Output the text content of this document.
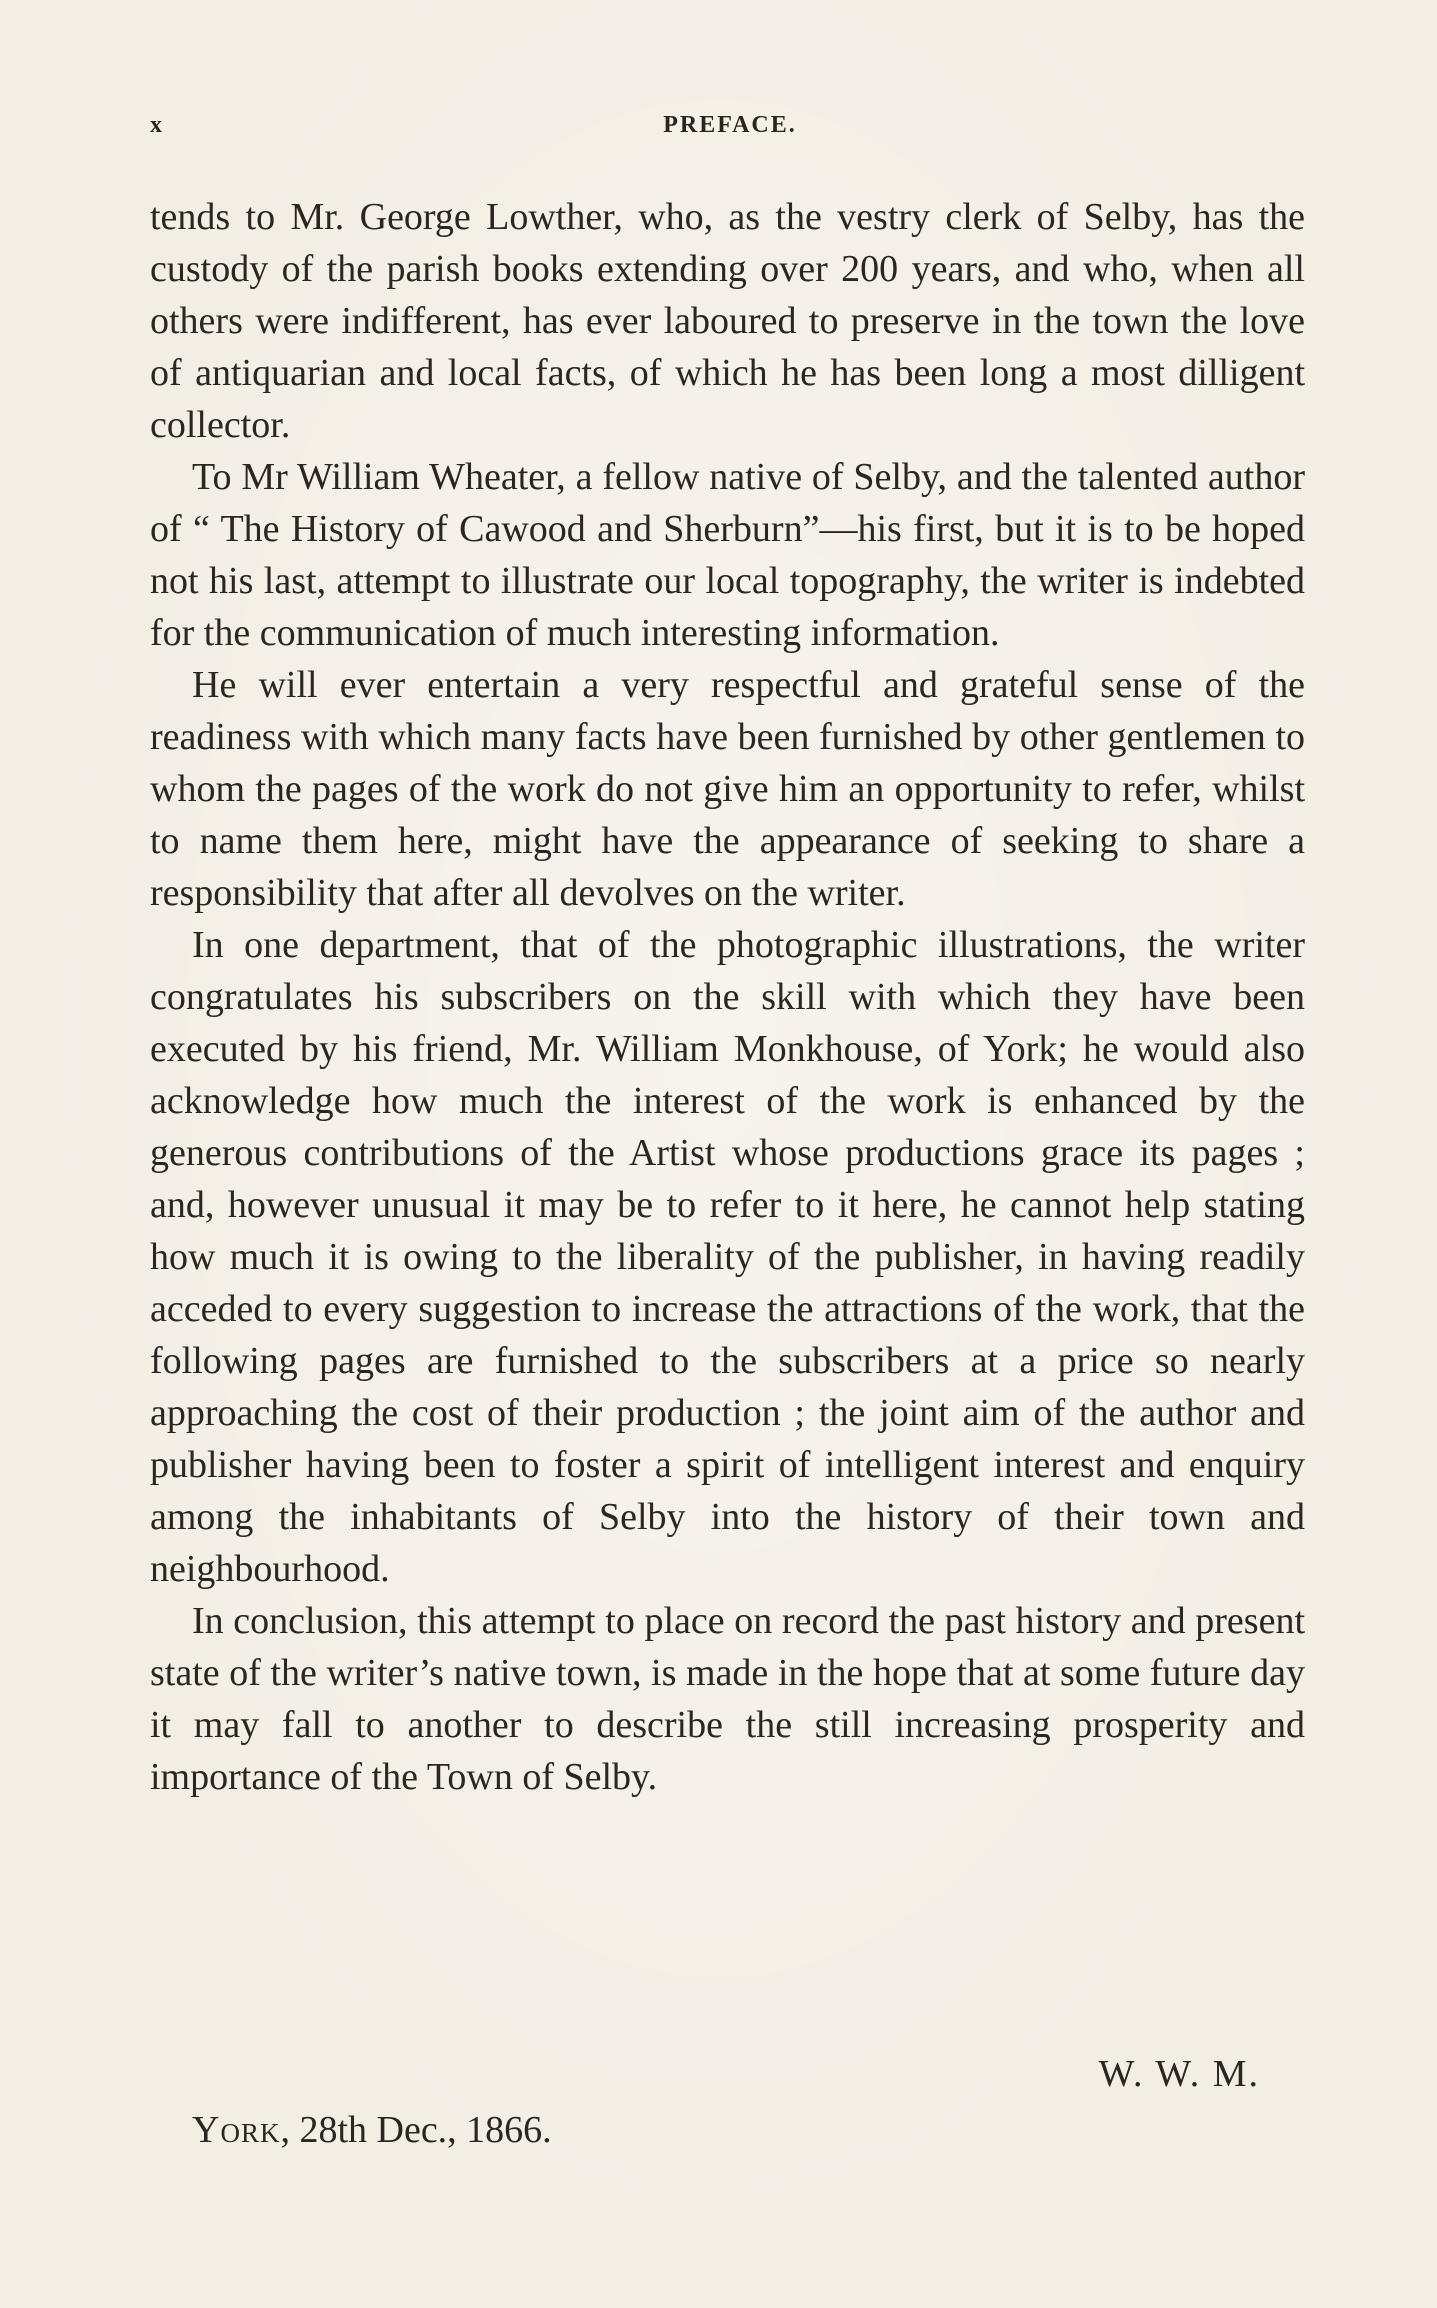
x	PREFACE.

tends to Mr. George Lowther, who, as the vestry clerk of Selby, has the custody of the parish books extending over 200 years, and who, when all others were indifferent, has ever laboured to preserve in the town the love of antiquarian and local facts, of which he has been long a most dilligent collector.

To Mr William Wheater, a fellow native of Selby, and the talented author of “ The History of Cawood and Sherburn”—his first, but it is to be hoped not his last, attempt to illustrate our local topography, the writer is indebted for the communication of much interesting information.

He will ever entertain a very respectful and grateful sense of the readiness with which many facts have been furnished by other gentlemen to whom the pages of the work do not give him an opportunity to refer, whilst to name them here, might have the appearance of seeking to share a responsibility that after all devolves on the writer.

In one department, that of the photographic illustrations, the writer congratulates his subscribers on the skill with which they have been executed by his friend, Mr. William Monkhouse, of York; he would also acknowledge how much the interest of the work is enhanced by the generous contributions of the Artist whose productions grace its pages ; and, however unusual it may be to refer to it here, he cannot help stating how much it is owing to the liberality of the publisher, in having readily acceded to every suggestion to increase the attractions of the work, that the following pages are furnished to the subscribers at a price so nearly approaching the cost of their production ; the joint aim of the author and publisher having been to foster a spirit of intelligent interest and enquiry among the inhabitants of Selby into the history of their town and neighbourhood.

In conclusion, this attempt to place on record the past history and present state of the writer’s native town, is made in the hope that at some future day it may fall to another to describe the still increasing prosperity and importance of the Town of Selby.

W. W. M.
York, 28th Dec., 1866.
